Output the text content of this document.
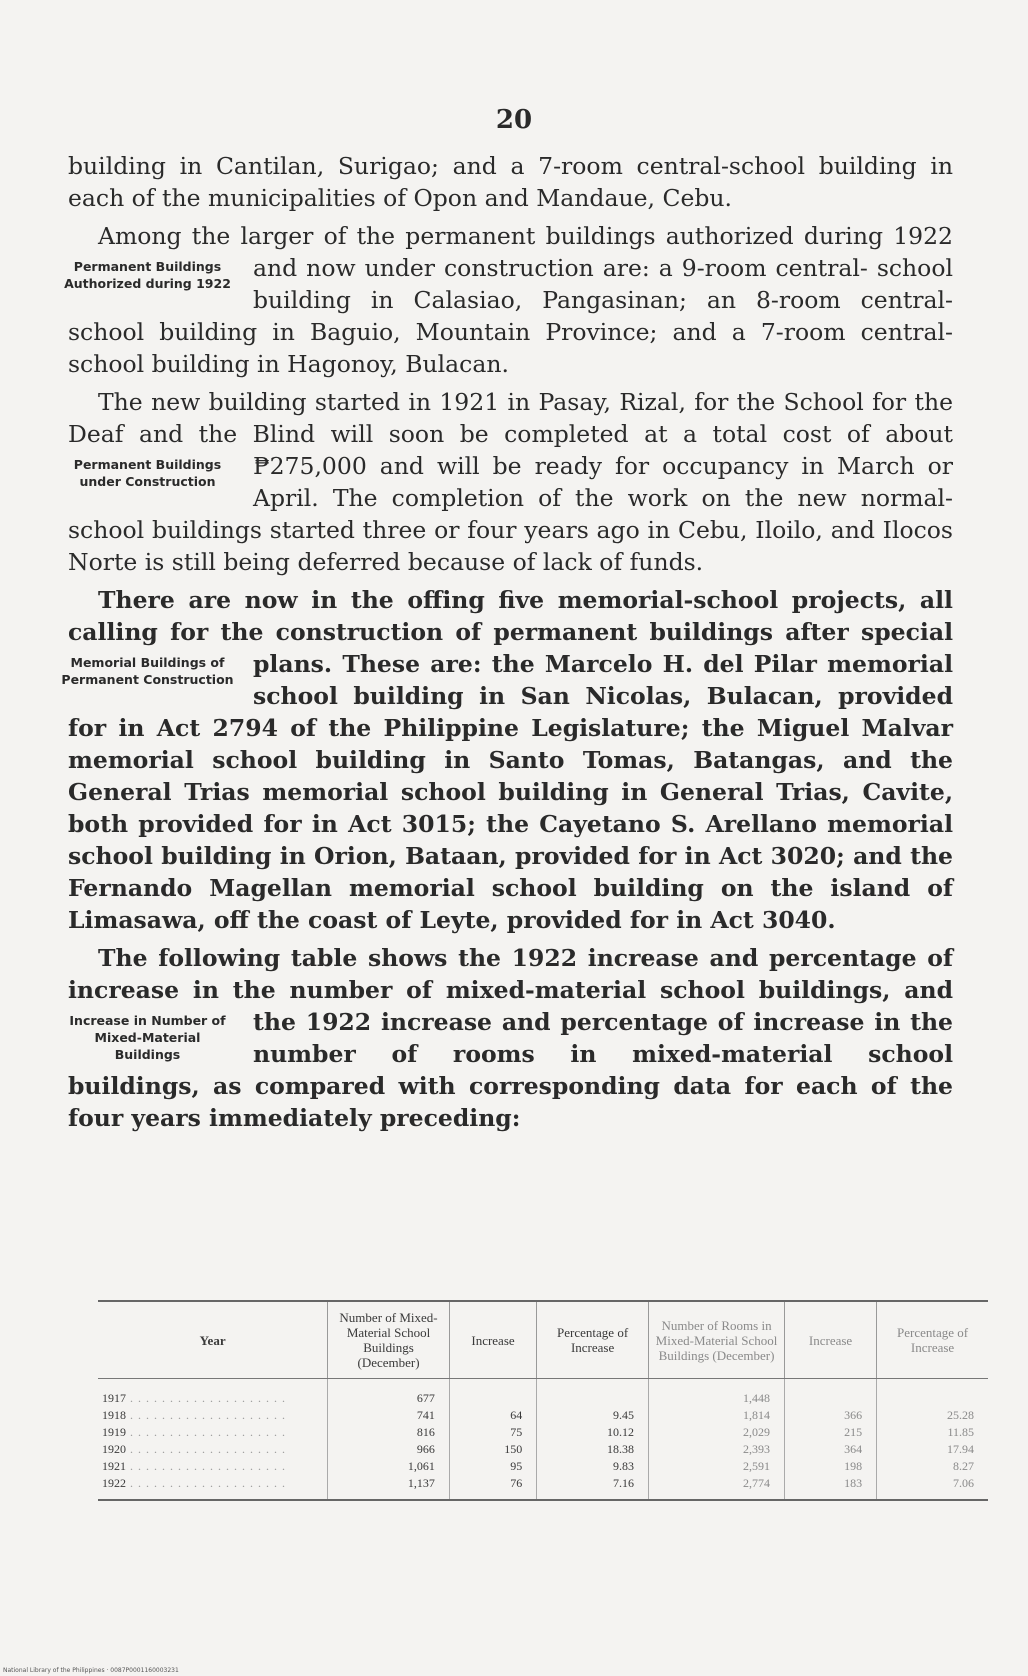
20

building in Cantilan, Surigao; and a 7-room central-school building in each of the municipalities of Opon and Mandaue, Cebu.

Among the larger of the permanent buildings authorized during 1922 and now under construction are: a 9-room central-
Permanent Buildings Authorized during 1922
school building in Calasiao, Pangasinan; an 8-room central-school building in Baguio, Mountain Province; and a 7-room central-school building in Hagonoy, Bulacan.

The new building started in 1921 in Pasay, Rizal, for the School for the Deaf and the Blind will soon be completed at a total cost of about ₱275,000 and will be ready for occupancy
Permanent Buildings under Construction
in March or April. The completion of the work on the new normal-school buildings started three or four years ago in Cebu, Iloilo, and Ilocos Norte is still being deferred because of lack of funds.

There are now in the offing five memorial-school projects, all calling for the construction of permanent buildings after special
Memorial Buildings of Permanent Construction
plans. These are: the Marcelo H. del Pilar memorial school building in San Nicolas, Bulacan, provided for in Act 2794 of the Philippine Legislature; the Miguel Malvar memorial school building in Santo Tomas, Batangas, and the General Trias memorial school building in General Trias, Cavite, both provided for in Act 3015; the Cayetano S. Arellano memorial school building in Orion, Bataan, provided for in Act 3020; and the Fernando Magellan memorial school building on the island of Limasawa, off the coast of Leyte, provided for in Act 3040.

The following table shows the 1922 increase and percentage of increase in the number of mixed-material school buildings,
Increase in Number of Mixed-Material Buildings
and the 1922 increase and percentage of increase in the number of rooms in mixed-material school buildings, as compared with corresponding data for each of the four years immediately preceding:

Year	Number of Mixed-Material School Buildings (December)	Increase	Percentage of Increase	Number of Rooms in Mixed-Material School Buildings (December)	Increase	Percentage of Increase
1917 . . . . . . . . . . . . . . . . . . . .	677			1,448		
1918 . . . . . . . . . . . . . . . . . . . .	741	64	9.45	1,814	366	25.28
1919 . . . . . . . . . . . . . . . . . . . .	816	75	10.12	2,029	215	11.85
1920 . . . . . . . . . . . . . . . . . . . .	966	150	18.38	2,393	364	17.94
1921 . . . . . . . . . . . . . . . . . . . .	1,061	95	9.83	2,591	198	8.27
1922 . . . . . . . . . . . . . . . . . . . .	1,137	76	7.16	2,774	183	7.06
National Library of the Philippines · 0087P0001160003231
